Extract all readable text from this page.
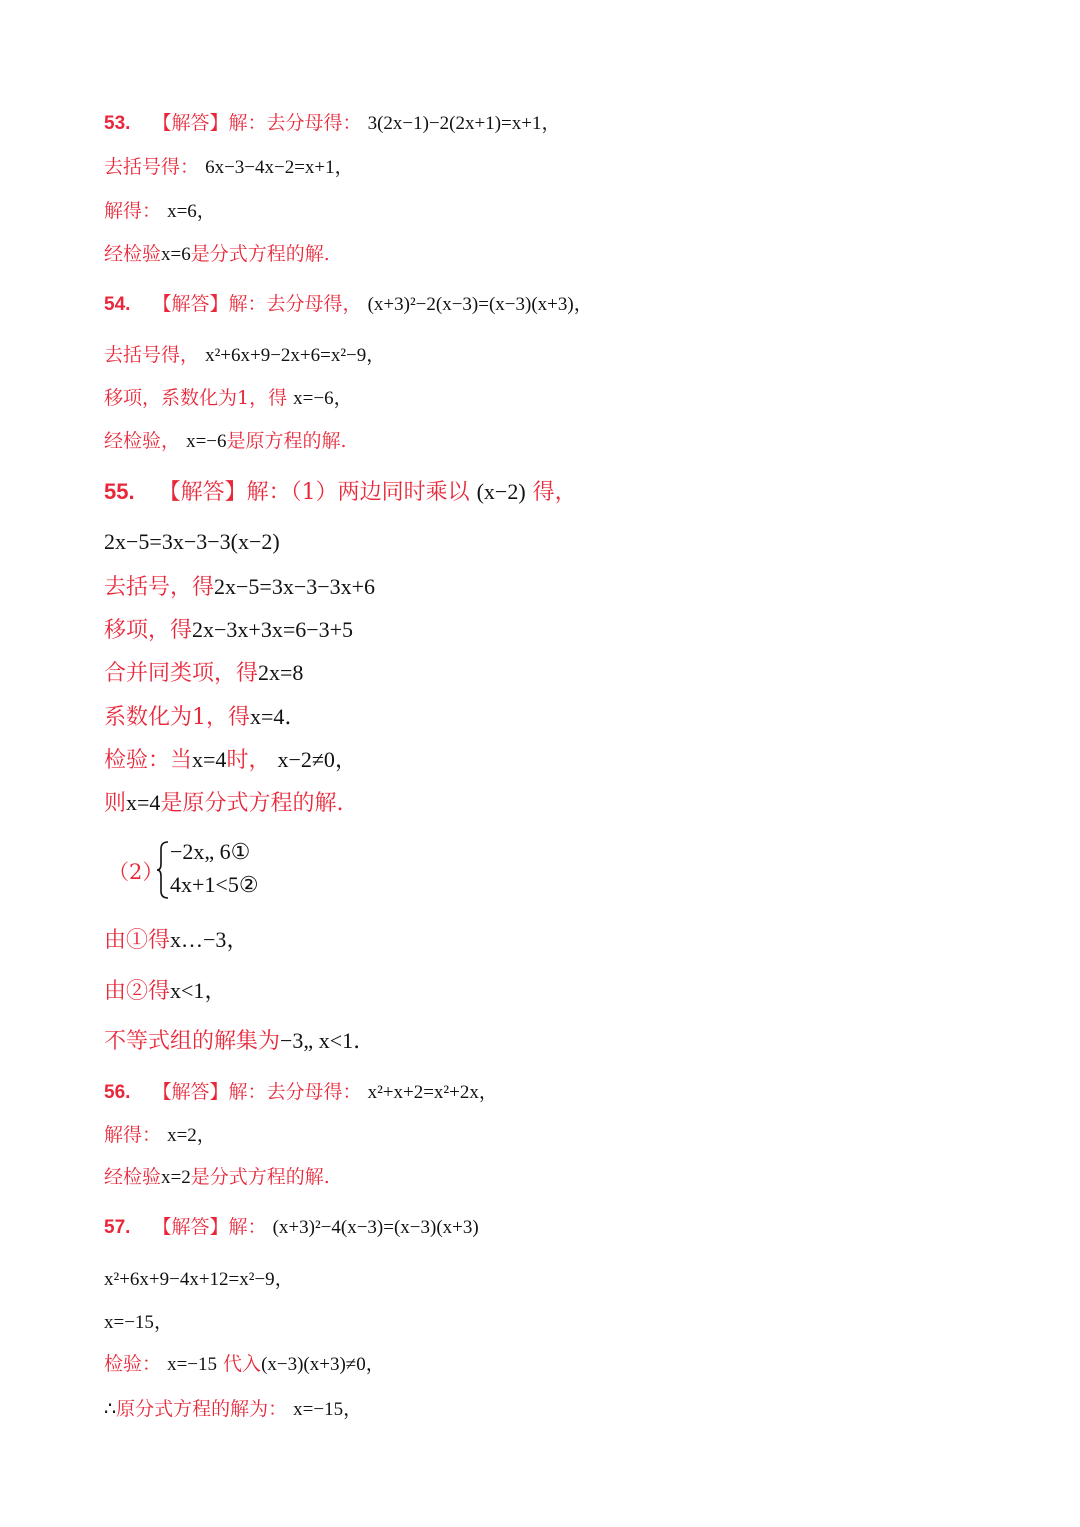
53. 【解答】解：去分母得： 3(2x−1)−2(2x+1)=x+1，
去括号得： 6x−3−4x−2=x+1，
解得： x=6，
经检验x=6是分式方程的解.
54. 【解答】解：去分母得， (x+3)²−2(x−3)=(x−3)(x+3)，
去括号得， x²+6x+9−2x+6=x²−9，
移项，系数化为1，得 x=−6，
经检验， x=−6是原方程的解.
55. 【解答】解：（1）两边同时乘以 (x−2) 得，
2x−5=3x−3−3(x−2)
去括号，得2x−5=3x−3−3x+6
移项，得2x−3x+3x=6−3+5
合并同类项，得2x=8
系数化为1，得x=4.
检验：当x=4时， x−2≠0，
则x=4是原分式方程的解.
（2）
−2x„ 6①
4x+1<5②
由①得x…−3，
由②得x<1，
不等式组的解集为−3„ x<1.
56. 【解答】解：去分母得： x²+x+2=x²+2x，
解得： x=2，
经检验x=2是分式方程的解.
57. 【解答】解： (x+3)²−4(x−3)=(x−3)(x+3)
x²+6x+9−4x+12=x²−9，
x=−15，
检验： x=−15 代入(x−3)(x+3)≠0，
∴原分式方程的解为： x=−15，
